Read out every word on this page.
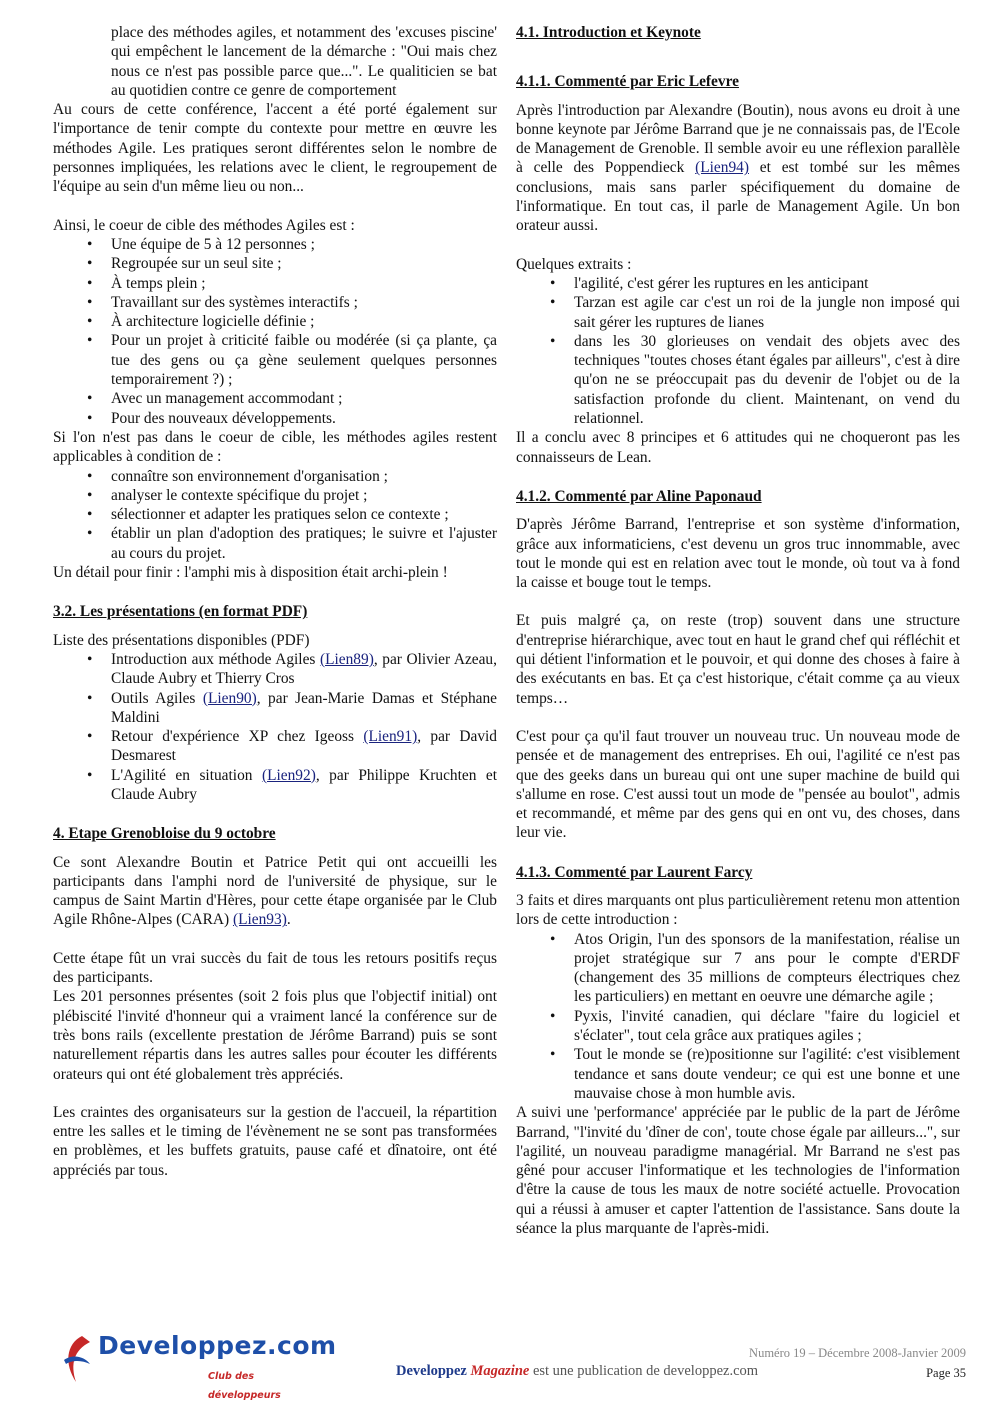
place des méthodes agiles, et notamment des 'excuses piscine' qui empêchent le lancement de la démarche : "Oui mais chez nous ce n'est pas possible parce que...". Le qualiticien se bat au quotidien contre ce genre de comportement

Au cours de cette conférence, l'accent a été porté également sur l'importance de tenir compte du contexte pour mettre en œuvre les méthodes Agile. Les pratiques seront différentes selon le nombre de personnes impliquées, les relations avec le client, le regroupement de l'équipe au sein d'un même lieu ou non...

Ainsi, le coeur de cible des méthodes Agiles est :

• Une équipe de 5 à 12 personnes ;
• Regroupée sur un seul site ;
• À temps plein ;
• Travaillant sur des systèmes interactifs ;
• À architecture logicielle définie ;
• Pour un projet à criticité faible ou modérée (si ça plante, ça tue des gens ou ça gène seulement quelques personnes temporairement ?) ;
• Avec un management accommodant ;
• Pour des nouveaux développements.

Si l'on n'est pas dans le coeur de cible, les méthodes agiles restent applicables à condition de :

• connaître son environnement d'organisation ;
• analyser le contexte spécifique du projet ;
• sélectionner et adapter les pratiques selon ce contexte ;
• établir un plan d'adoption des pratiques; le suivre et l'ajuster au cours du projet.

Un détail pour finir : l'amphi mis à disposition était archi-plein !

3.2. Les présentations (en format PDF)

Liste des présentations disponibles (PDF)

• Introduction aux méthode Agiles (Lien89), par Olivier Azeau, Claude Aubry et Thierry Cros
• Outils Agiles (Lien90), par Jean-Marie Damas et Stéphane Maldini
• Retour d'expérience XP chez Igeoss (Lien91), par David Desmarest
• L'Agilité en situation (Lien92), par Philippe Kruchten et Claude Aubry
4. Etape Grenobloise du 9 octobre

Ce sont Alexandre Boutin et Patrice Petit qui ont accueilli les participants dans l'amphi nord de l'université de physique, sur le campus de Saint Martin d'Hères, pour cette étape organisée par le Club Agile Rhône-Alpes (CARA) (Lien93).

Cette étape fût un vrai succès du fait de tous les retours positifs reçus des participants.

Les 201 personnes présentes (soit 2 fois plus que l'objectif initial) ont plébiscité l'invité d'honneur qui a vraiment lancé la conférence sur de très bons rails (excellente prestation de Jérôme Barrand) puis se sont naturellement répartis dans les autres salles pour écouter les différents orateurs qui ont été globalement très appréciés.

Les craintes des organisateurs sur la gestion de l'accueil, la répartition entre les salles et le timing de l'évènement ne se sont pas transformées en problèmes, et les buffets gratuits, pause café et dînatoire, ont été appréciés par tous.

4.1. Introduction et Keynote
4.1.1. Commenté par Eric Lefevre

Après l'introduction par Alexandre (Boutin), nous avons eu droit à une bonne keynote par Jérôme Barrand que je ne connaissais pas, de l'Ecole de Management de Grenoble. Il semble avoir eu une réflexion parallèle à celle des Poppendieck (Lien94) et est tombé sur les mêmes conclusions, mais sans parler spécifiquement du domaine de l'informatique. En tout cas, il parle de Management Agile. Un bon orateur aussi.

Quelques extraits :

• l'agilité, c'est gérer les ruptures en les anticipant
• Tarzan est agile car c'est un roi de la jungle non imposé qui sait gérer les ruptures de lianes
• dans les 30 glorieuses on vendait des objets avec des techniques "toutes choses étant égales par ailleurs", c'est à dire qu'on ne se préoccupait pas du devenir de l'objet ou de la satisfaction profonde du client. Maintenant, on vend du relationnel.

Il a conclu avec 8 principes et 6 attitudes qui ne choqueront pas les connaisseurs de Lean.

4.1.2. Commenté par Aline Paponaud

D'après Jérôme Barrand, l'entreprise et son système d'information, grâce aux informaticiens, c'est devenu un gros truc innommable, avec tout le monde qui est en relation avec tout le monde, où tout va à fond la caisse et bouge tout le temps.

Et puis malgré ça, on reste (trop) souvent dans une structure d'entreprise hiérarchique, avec tout en haut le grand chef qui réfléchit et qui détient l'information et le pouvoir, et qui donne des choses à faire à des exécutants en bas. Et ça c'est historique, c'était comme ça au vieux temps…

C'est pour ça qu'il faut trouver un nouveau truc. Un nouveau mode de pensée et de management des entreprises. Eh oui, l'agilité ce n'est pas que des geeks dans un bureau qui ont une super machine de build qui s'allume en rose. C'est aussi tout un mode de "pensée au boulot", admis et recommandé, et même par des gens qui en ont vu, des choses, dans leur vie.

4.1.3. Commenté par Laurent Farcy

3 faits et dires marquants ont plus particulièrement retenu mon attention lors de cette introduction :

• Atos Origin, l'un des sponsors de la manifestation, réalise un projet stratégique sur 7 ans pour le compte d'ERDF (changement des 35 millions de compteurs électriques chez les particuliers) en mettant en oeuvre une démarche agile ;
• Pyxis, l'invité canadien, qui déclare "faire du logiciel et s'éclater", tout cela grâce aux pratiques agiles ;
• Tout le monde se (re)positionne sur l'agilité: c'est visiblement tendance et sans doute vendeur; ce qui est une bonne et une mauvaise chose à mon humble avis.

A suivi une 'performance' appréciée par le public de la part de Jérôme Barrand, "l'invité du 'dîner de con', toute chose égale par ailleurs...", sur l'agilité, un nouveau paradigme managérial. Mr Barrand ne s'est pas gêné pour accuser l'informatique et les technologies de l'information d'être la cause de tous les maux de notre société actuelle. Provocation qui a réussi à amuser et capter l'attention de l'assistance. Sans doute la séance la plus marquante de l'après-midi.

Developpez.com
Club des développeurs
Numéro 19 – Décembre 2008-Janvier 2009
Developpez Magazine est une publication de developpez.com	Page 35
